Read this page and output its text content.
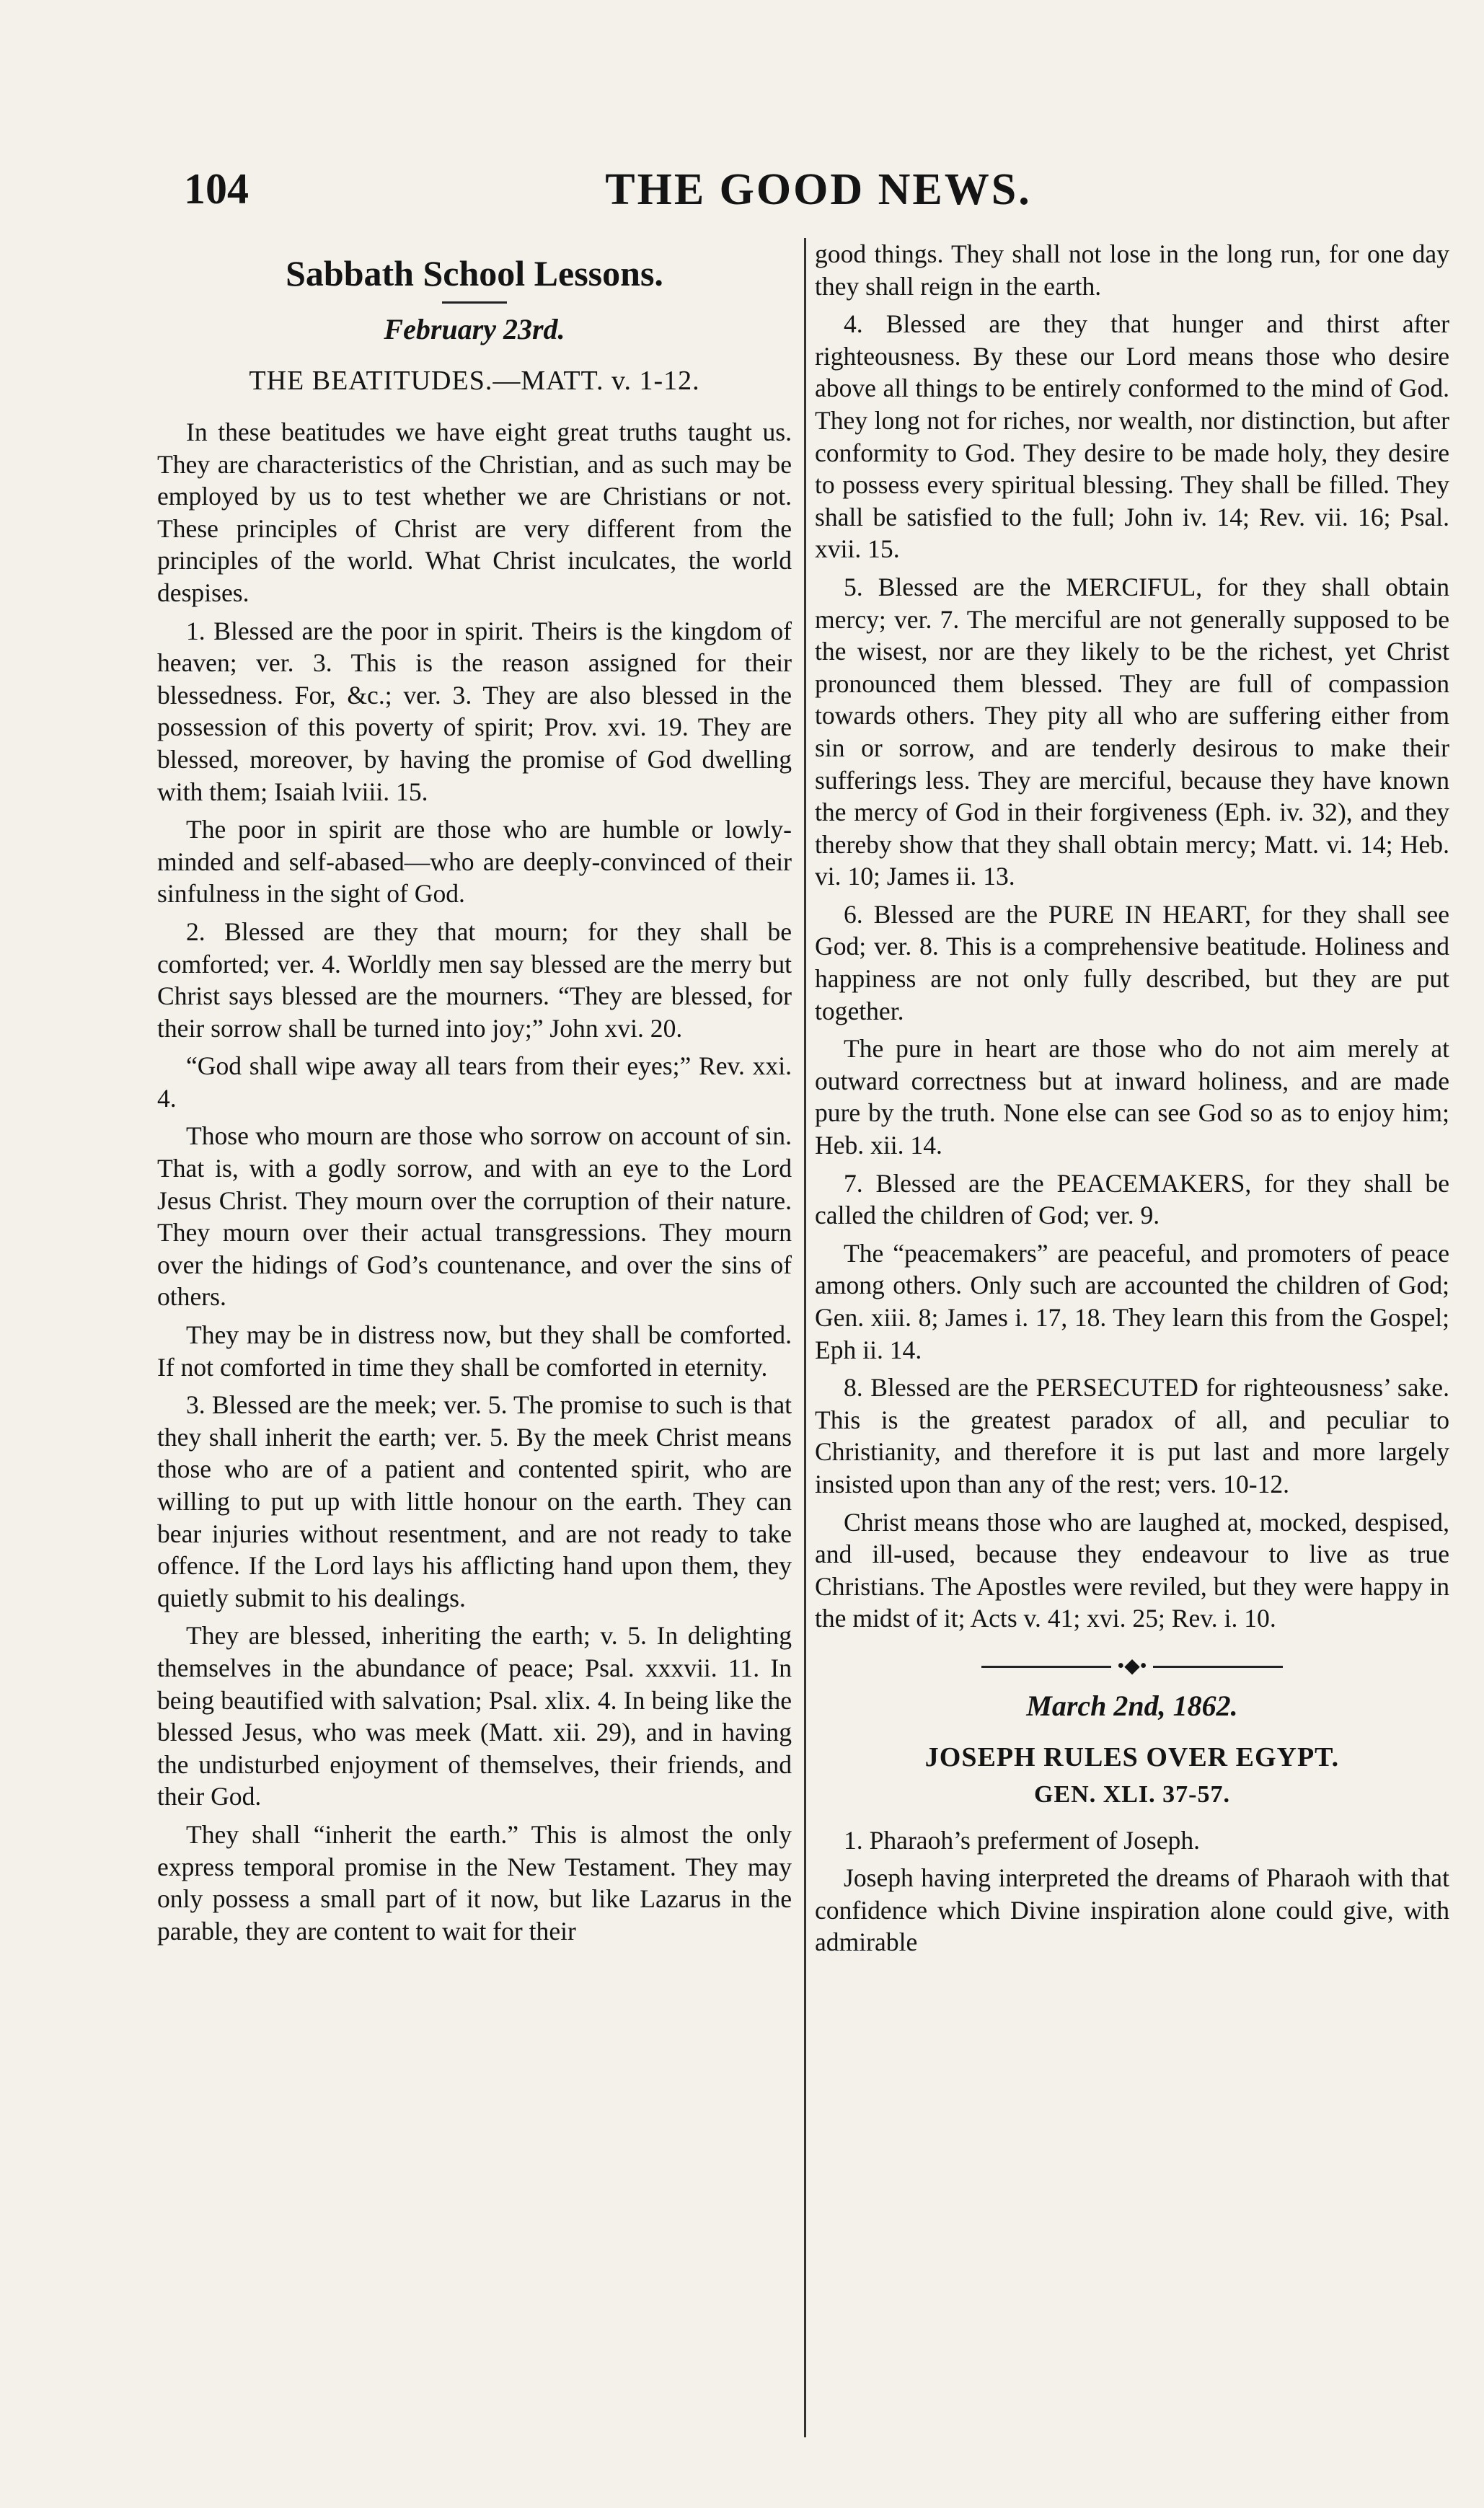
104	THE GOOD NEWS.
Sabbath School Lessons.
February 23rd.
THE BEATITUDES.—MATT. v. 1-12.

In these beatitudes we have eight great truths taught us. They are characteristics of the Christian, and as such may be employed by us to test whether we are Christians or not. These principles of Christ are very different from the principles of the world. What Christ inculcates, the world despises.

1. Blessed are the poor in spirit. Theirs is the kingdom of heaven; ver. 3. This is the reason assigned for their blessedness. For, &c.; ver. 3. They are also blessed in the possession of this poverty of spirit; Prov. xvi. 19. They are blessed, moreover, by having the promise of God dwelling with them; Isaiah lviii. 15.

The poor in spirit are those who are humble or lowly-minded and self-abased—who are deeply-convinced of their sinfulness in the sight of God.

2. Blessed are they that mourn; for they shall be comforted; ver. 4. Worldly men say blessed are the merry but Christ says blessed are the mourners. “They are blessed, for their sorrow shall be turned into joy;” John xvi. 20.

“God shall wipe away all tears from their eyes;” Rev. xxi. 4.

Those who mourn are those who sorrow on account of sin. That is, with a godly sorrow, and with an eye to the Lord Jesus Christ. They mourn over the corruption of their nature. They mourn over their actual transgressions. They mourn over the hidings of God’s countenance, and over the sins of others.

They may be in distress now, but they shall be comforted. If not comforted in time they shall be comforted in eternity.

3. Blessed are the meek; ver. 5. The promise to such is that they shall inherit the earth; ver. 5. By the meek Christ means those who are of a patient and contented spirit, who are willing to put up with little honour on the earth. They can bear injuries without resentment, and are not ready to take offence. If the Lord lays his afflicting hand upon them, they quietly submit to his dealings.

They are blessed, inheriting the earth; v. 5. In delighting themselves in the abundance of peace; Psal. xxxvii. 11. In being beautified with salvation; Psal. xlix. 4. In being like the blessed Jesus, who was meek (Matt. xii. 29), and in having the undisturbed enjoyment of themselves, their friends, and their God.

They shall “inherit the earth.” This is almost the only express temporal promise in the New Testament. They may only possess a small part of it now, but like Lazarus in the parable, they are content to wait for their

good things. They shall not lose in the long run, for one day they shall reign in the earth.

4. Blessed are they that hunger and thirst after righteousness. By these our Lord means those who desire above all things to be entirely conformed to the mind of God. They long not for riches, nor wealth, nor distinction, but after conformity to God. They desire to be made holy, they desire to possess every spiritual blessing. They shall be filled. They shall be satisfied to the full; John iv. 14; Rev. vii. 16; Psal. xvii. 15.

5. Blessed are the MERCIFUL, for they shall obtain mercy; ver. 7. The merciful are not generally supposed to be the wisest, nor are they likely to be the richest, yet Christ pronounced them blessed. They are full of compassion towards others. They pity all who are suffering either from sin or sorrow, and are tenderly desirous to make their sufferings less. They are merciful, because they have known the mercy of God in their forgiveness (Eph. iv. 32), and they thereby show that they shall obtain mercy; Matt. vi. 14; Heb. vi. 10; James ii. 13.

6. Blessed are the PURE IN HEART, for they shall see God; ver. 8. This is a comprehensive beatitude. Holiness and happiness are not only fully described, but they are put together.

The pure in heart are those who do not aim merely at outward correctness but at inward holiness, and are made pure by the truth. None else can see God so as to enjoy him; Heb. xii. 14.

7. Blessed are the PEACEMAKERS, for they shall be called the children of God; ver. 9.

The “peacemakers” are peaceful, and promoters of peace among others. Only such are accounted the children of God; Gen. xiii. 8; James i. 17, 18. They learn this from the Gospel; Eph ii. 14.

8. Blessed are the PERSECUTED for righteousness’ sake. This is the greatest paradox of all, and peculiar to Christianity, and therefore it is put last and more largely insisted upon than any of the rest; vers. 10-12.

Christ means those who are laughed at, mocked, despised, and ill-used, because they endeavour to live as true Christians. The Apostles were reviled, but they were happy in the midst of it; Acts v. 41; xvi. 25; Rev. i. 10.

•◆•
March 2nd, 1862.
JOSEPH RULES OVER EGYPT.
GEN. XLI. 37-57.

1. Pharaoh’s preferment of Joseph.

Joseph having interpreted the dreams of Pharaoh with that confidence which Divine inspiration alone could give, with admirable
